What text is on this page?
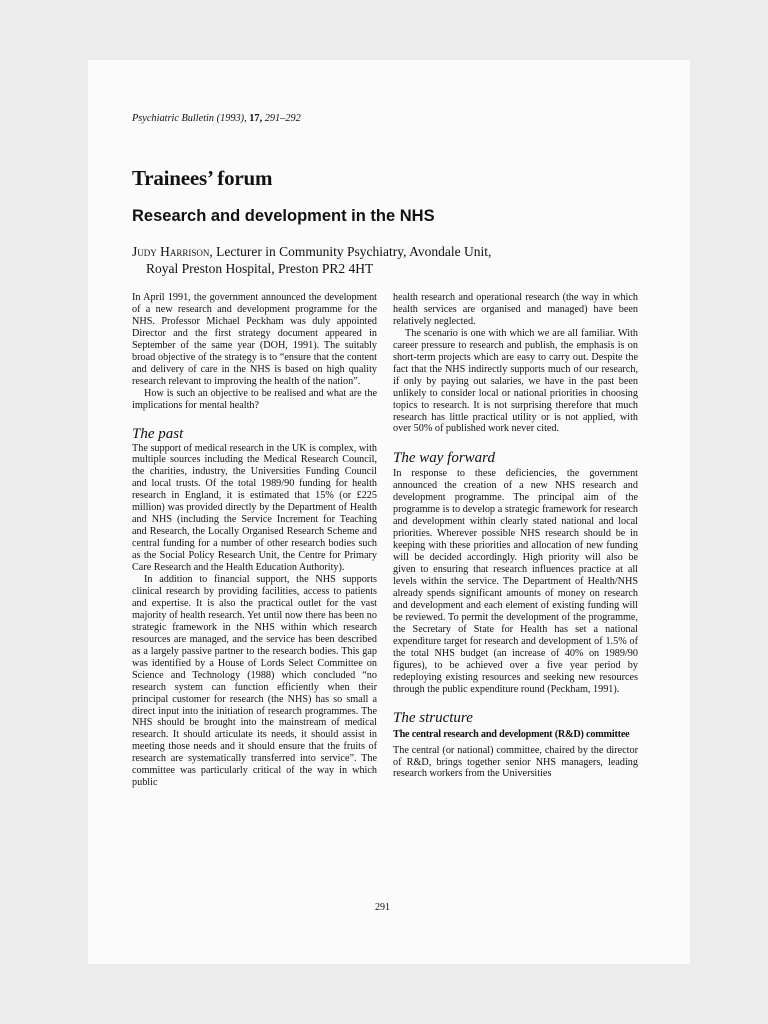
Psychiatric Bulletin (1993), 17, 291–292
Trainees’ forum
Research and development in the NHS
Judy Harrison, Lecturer in Community Psychiatry, Avondale Unit,
Royal Preston Hospital, Preston PR2 4HT

In April 1991, the government announced the development of a new research and development programme for the NHS. Professor Michael Peckham was duly appointed Director and the first strategy document appeared in September of the same year (DOH, 1991). The suitably broad objective of the strategy is to “ensure that the content and delivery of care in the NHS is based on high quality research relevant to improving the health of the nation”.

How is such an objective to be realised and what are the implications for mental health?

The past

The support of medical research in the UK is complex, with multiple sources including the Medical Research Council, the charities, industry, the Universities Funding Council and local trusts. Of the total 1989/90 funding for health research in England, it is estimated that 15% (or £225 million) was provided directly by the Department of Health and NHS (including the Service Increment for Teaching and Research, the Locally Organised Research Scheme and central funding for a number of other research bodies such as the Social Policy Research Unit, the Centre for Primary Care Research and the Health Education Authority).

In addition to financial support, the NHS supports clinical research by providing facilities, access to patients and expertise. It is also the practical outlet for the vast majority of health research. Yet until now there has been no strategic framework in the NHS within which research resources are managed, and the service has been described as a largely passive partner to the research bodies. This gap was identified by a House of Lords Select Committee on Science and Technology (1988) which concluded “no research system can function efficiently when their principal customer for research (the NHS) has so small a direct input into the initiation of research programmes. The NHS should be brought into the mainstream of medical research. It should articulate its needs, it should assist in meeting those needs and it should ensure that the fruits of research are systematically transferred into service”. The committee was particularly critical of the way in which public

health research and operational research (the way in which health services are organised and managed) have been relatively neglected.

The scenario is one with which we are all familiar. With career pressure to research and publish, the emphasis is on short-term projects which are easy to carry out. Despite the fact that the NHS indirectly supports much of our research, if only by paying out salaries, we have in the past been unlikely to consider local or national priorities in choosing topics to research. It is not surprising therefore that much research has little practical utility or is not applied, with over 50% of published work never cited.

The way forward

In response to these deficiencies, the government announced the creation of a new NHS research and development programme. The principal aim of the programme is to develop a strategic framework for research and development within clearly stated national and local priorities. Wherever possible NHS research should be in keeping with these priorities and allocation of new funding will be decided accordingly. High priority will also be given to ensuring that research influences practice at all levels within the service. The Department of Health/NHS already spends significant amounts of money on research and development and each element of existing funding will be reviewed. To permit the development of the programme, the Secretary of State for Health has set a national expenditure target for research and development of 1.5% of the total NHS budget (an increase of 40% on 1989/90 figures), to be achieved over a five year period by redeploying existing resources and seeking new resources through the public expenditure round (Peckham, 1991).

The structure
The central research and development (R&D) committee

The central (or national) committee, chaired by the director of R&D, brings together senior NHS managers, leading research workers from the Universities

291
